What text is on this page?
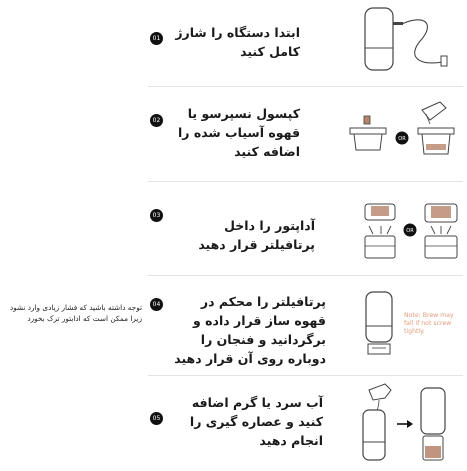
01	ابتدا دستگاه را شارژ کامل کنید
02	کپسول نسپرسو یا قهوه آسیاب شده را اضافه کنید
OR
03
آداپتور را داخل پرتافیلتر قرار دهید
OR
توجه داشته باشید که فشار زیادی وارد نشود زیرا ممکن است که ادابتور ترک بخورد
04	پرتافیلتر را محکم در قهوه ساز قرار داده و برگردانید و فنجان را دوباره روی آن قرار دهید
Note: Brew may fall if not screw tightly.
05
آب سرد یا گرم اضافه کنید و عصاره گیری را انجام دهید
